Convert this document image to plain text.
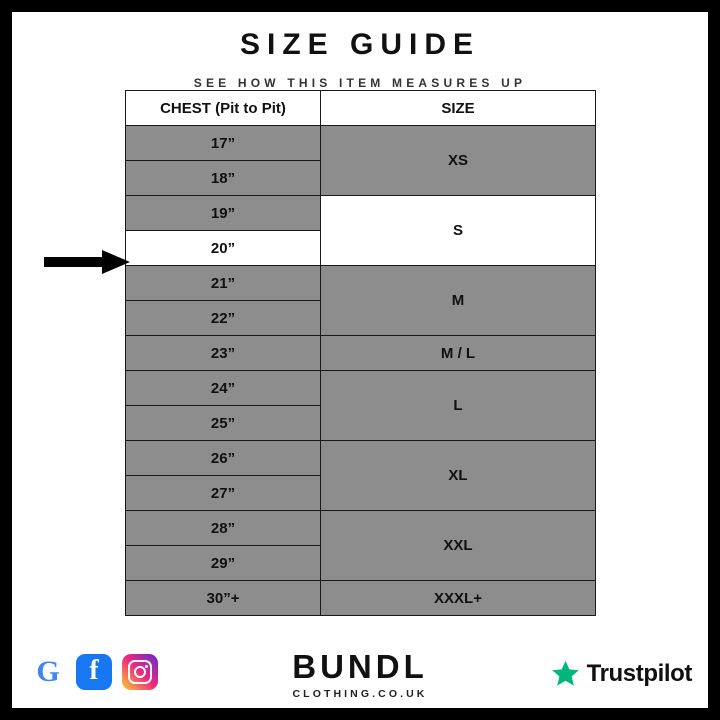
SIZE GUIDE
SEE HOW THIS ITEM MEASURES UP
CHEST (Pit to Pit)	SIZE
17”	XS
18”	
19”	S
20”	
21”	M
22”	
23”	M / L
24”	L
25”	
26”	XL
27”	
28”	XXL
29”	
30”+	XXXL+
G f	BUNDL
CLOTHING.CO.UK
Trustpilot
